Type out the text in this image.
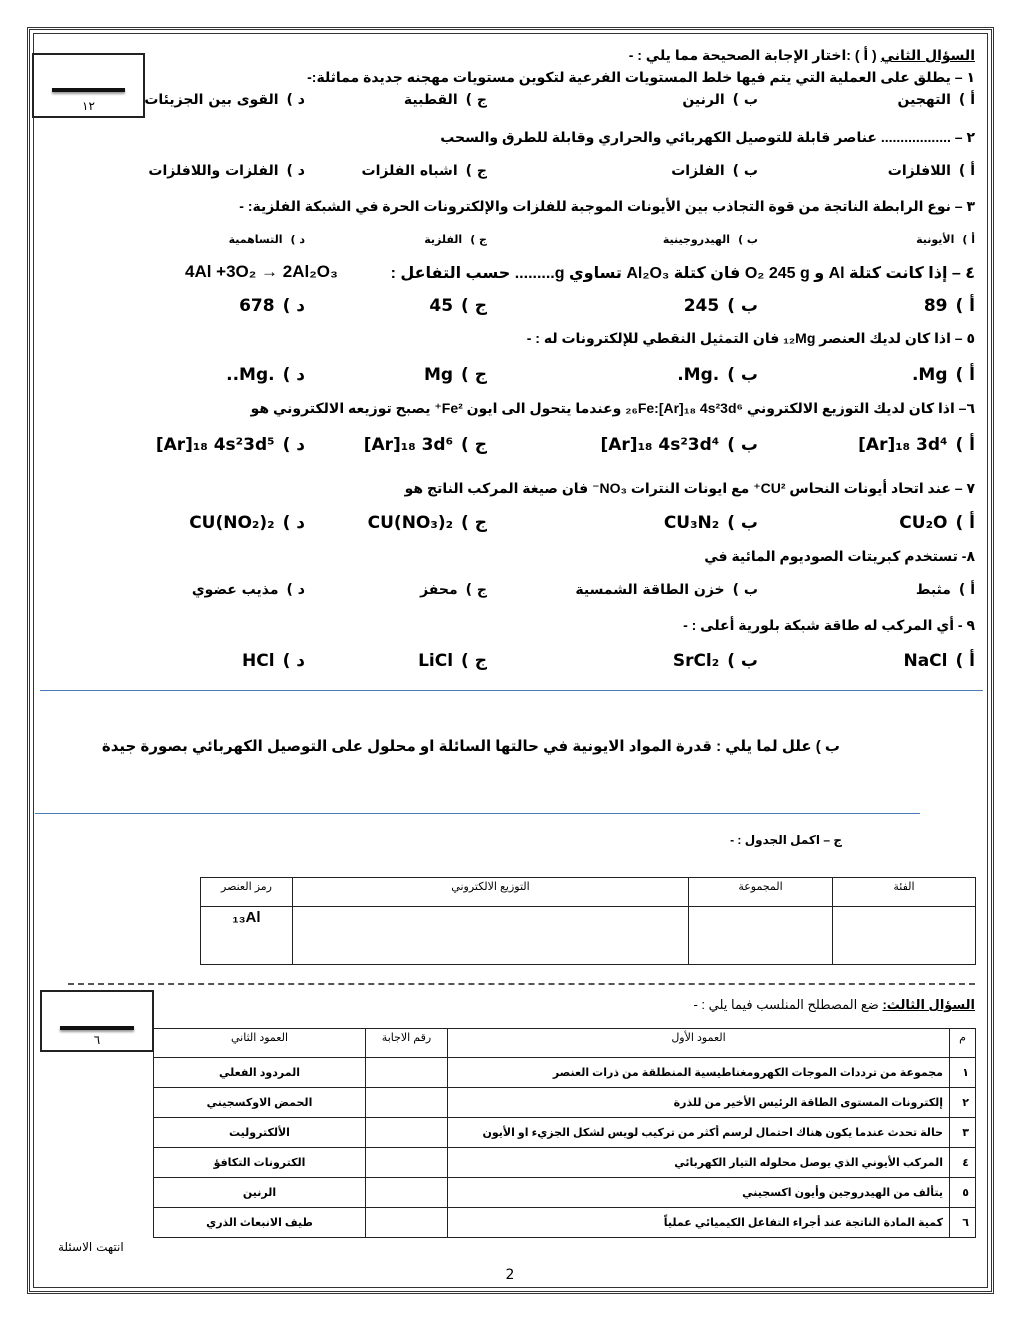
١٢
السؤال الثاني ( أ ) :اختار الإجابة الصحيحة مما يلي : -
١ – يطلق على العملية التي يتم فيها خلط المستويات الفرعية لتكوين مستويات مهجنه جديدة مماثلة:-
أ )
التهجين
ب )
الرنين
ج )
القطبية
د )
القوى بين الجزيئات
٢ – .................. عناصر قابلة للتوصيل الكهربائي والحراري وقابلة للطرق والسحب
أ )
اللافلزات
ب )
الفلزات
ج )
اشباه الفلزات
د )
الفلزات واللافلزات
٣ – نوع الرابطة الناتجة من قوة التجاذب بين الأيونات الموجبة للفلزات والإلكترونات الحرة في الشبكة الفلزية: -
أ )
الأيونية
ب )
الهيدروجينية
ج )
الفلزية
د )
التساهمية
٤ – إذا كانت كتلة Al و O₂ 245 g فان كتلة Al₂O₃ تساوي g......... حسب التفاعل :
4Al +3O₂ → 2Al₂O₃
أ )
89
ب )
245
ج )
45
د )
678
٥ – اذا كان لديك العنصر ₁₂Mg فان التمثيل النقطي للإلكترونات له : -
أ )
.Mg
ب )
.Mg.
ج )
Mg
د )
..Mg.
٦– اذا كان لديك التوزيع الالكتروني ₂₆Fe:[Ar]₁₈ 4s²3d⁶ وعندما يتحول الى ايون Fe²⁺ يصبح توزيعه الالكتروني هو
أ )
[Ar]₁₈ 3d⁴
ب )
[Ar]₁₈ 4s²3d⁴
ج )
[Ar]₁₈ 3d⁶
د )
[Ar]₁₈ 4s²3d⁵
٧ – عند اتحاد أيونات النحاس CU²⁺ مع ايونات النترات NO₃⁻ فان صيغة المركب الناتج هو
أ )
CU₂O
ب )
CU₃N₂
ج )
CU(NO₃)₂
د )
CU(NO₂)₂
٨- تستخدم كبريتات الصوديوم المائية في
أ )
مثبط
ب )
خزن الطاقة الشمسية
ج )
محفز
د )
مذيب عضوي
٩ - أي المركب له طاقة شبكة بلورية أعلى : -
أ )
NaCl
ب )
SrCl₂
ج )
LiCl
د )
HCl
ب ) علل لما يلي : قدرة المواد الايونية في حالتها السائلة او محلول على التوصيل الكهربائي بصورة جيدة
ج – اكمل الجدول : -
الفئة	المجموعة	التوزيع الالكتروني	رمز العنصر
			₁₃Al
٦
السؤال الثالث: ضع المصطلح المنلسب فيما يلي : -
م	العمود الأول	رقم الاجابة	العمود الثاني
١	مجموعة من ترددات الموجات الكهرومغناطيسية المنطلقة من ذرات العنصر		المردود الفعلي
٢	إلكترونات المستوى الطاقة الرئيس الأخير من للذرة		الحمض الاوكسجيني
٣	حالة تحدث عندما يكون هناك احتمال لرسم أكثر من تركيب لويس لشكل الجزيء او الأيون		الألكتروليت
٤	المركب الأيوني الذي يوصل محلوله التيار الكهربائي		الكترونات التكافؤ
٥	يتألف من الهيدروجين وأيون اكسجيني		الرنين
٦	كمية المادة الناتجة عند أجراء التفاعل الكيميائي عملياً		طيف الانبعاث الذري
انتهت الاسئلة
2
